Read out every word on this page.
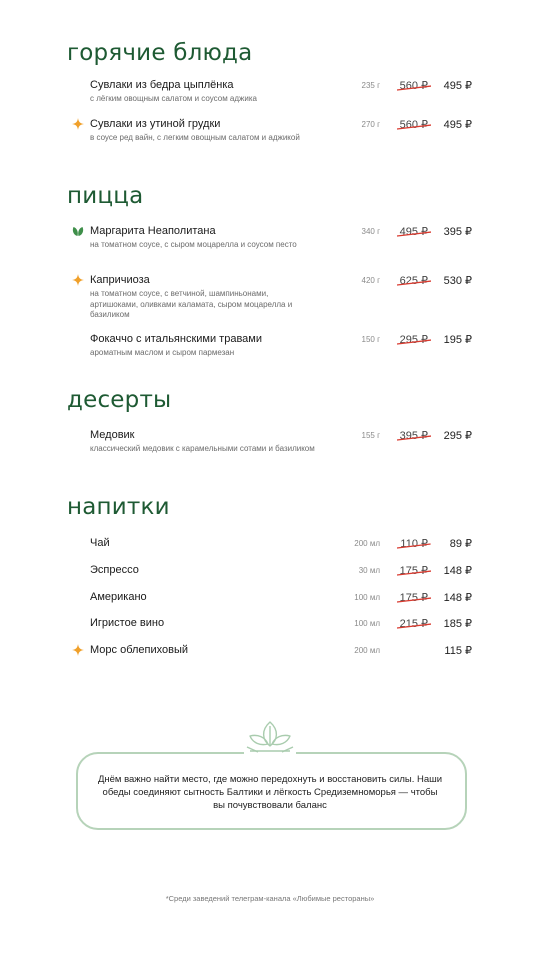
горячие блюда
Сувлаки из бедра цыплёнка
с лёгким овощным салатом и соусом аджика
235 г 560 ₽ 495 ₽
Сувлаки из утиной грудки
в соусе ред вайн, с легким овощным салатом и аджикой
270 г 560 ₽ 495 ₽
пицца
Маргарита Неаполитана
на томатном соусе, с сыром моцарелла и соусом песто
340 г 495 ₽ 395 ₽
Капричиоза
на томатном соусе, с ветчиной, шампиньонами, артишоками, оливками каламата, сыром моцарелла и базиликом
420 г 625 ₽ 530 ₽
Фокаччо с итальянскими травами
ароматным маслом и сыром пармезан
150 г 295 ₽ 195 ₽
десерты
Медовик
классический медовик с карамельными сотами и базиликом
155 г 395 ₽ 295 ₽
напитки
Чай	200 мл 110 ₽ 89 ₽
Эспрессо	30 мл 175 ₽ 148 ₽
Американо	100 мл 175 ₽ 148 ₽
Игристое вино	100 мл 215 ₽ 185 ₽
Морс облепиховый	200 мл	115 ₽
Днём важно найти место, где можно передохнуть и восстановить силы. Наши обеды соединяют сытность Балтики и лёгкость Средиземноморья — чтобы вы почувствовали баланс
*Среди заведений телеграм-канала «Любимые рестораны»
